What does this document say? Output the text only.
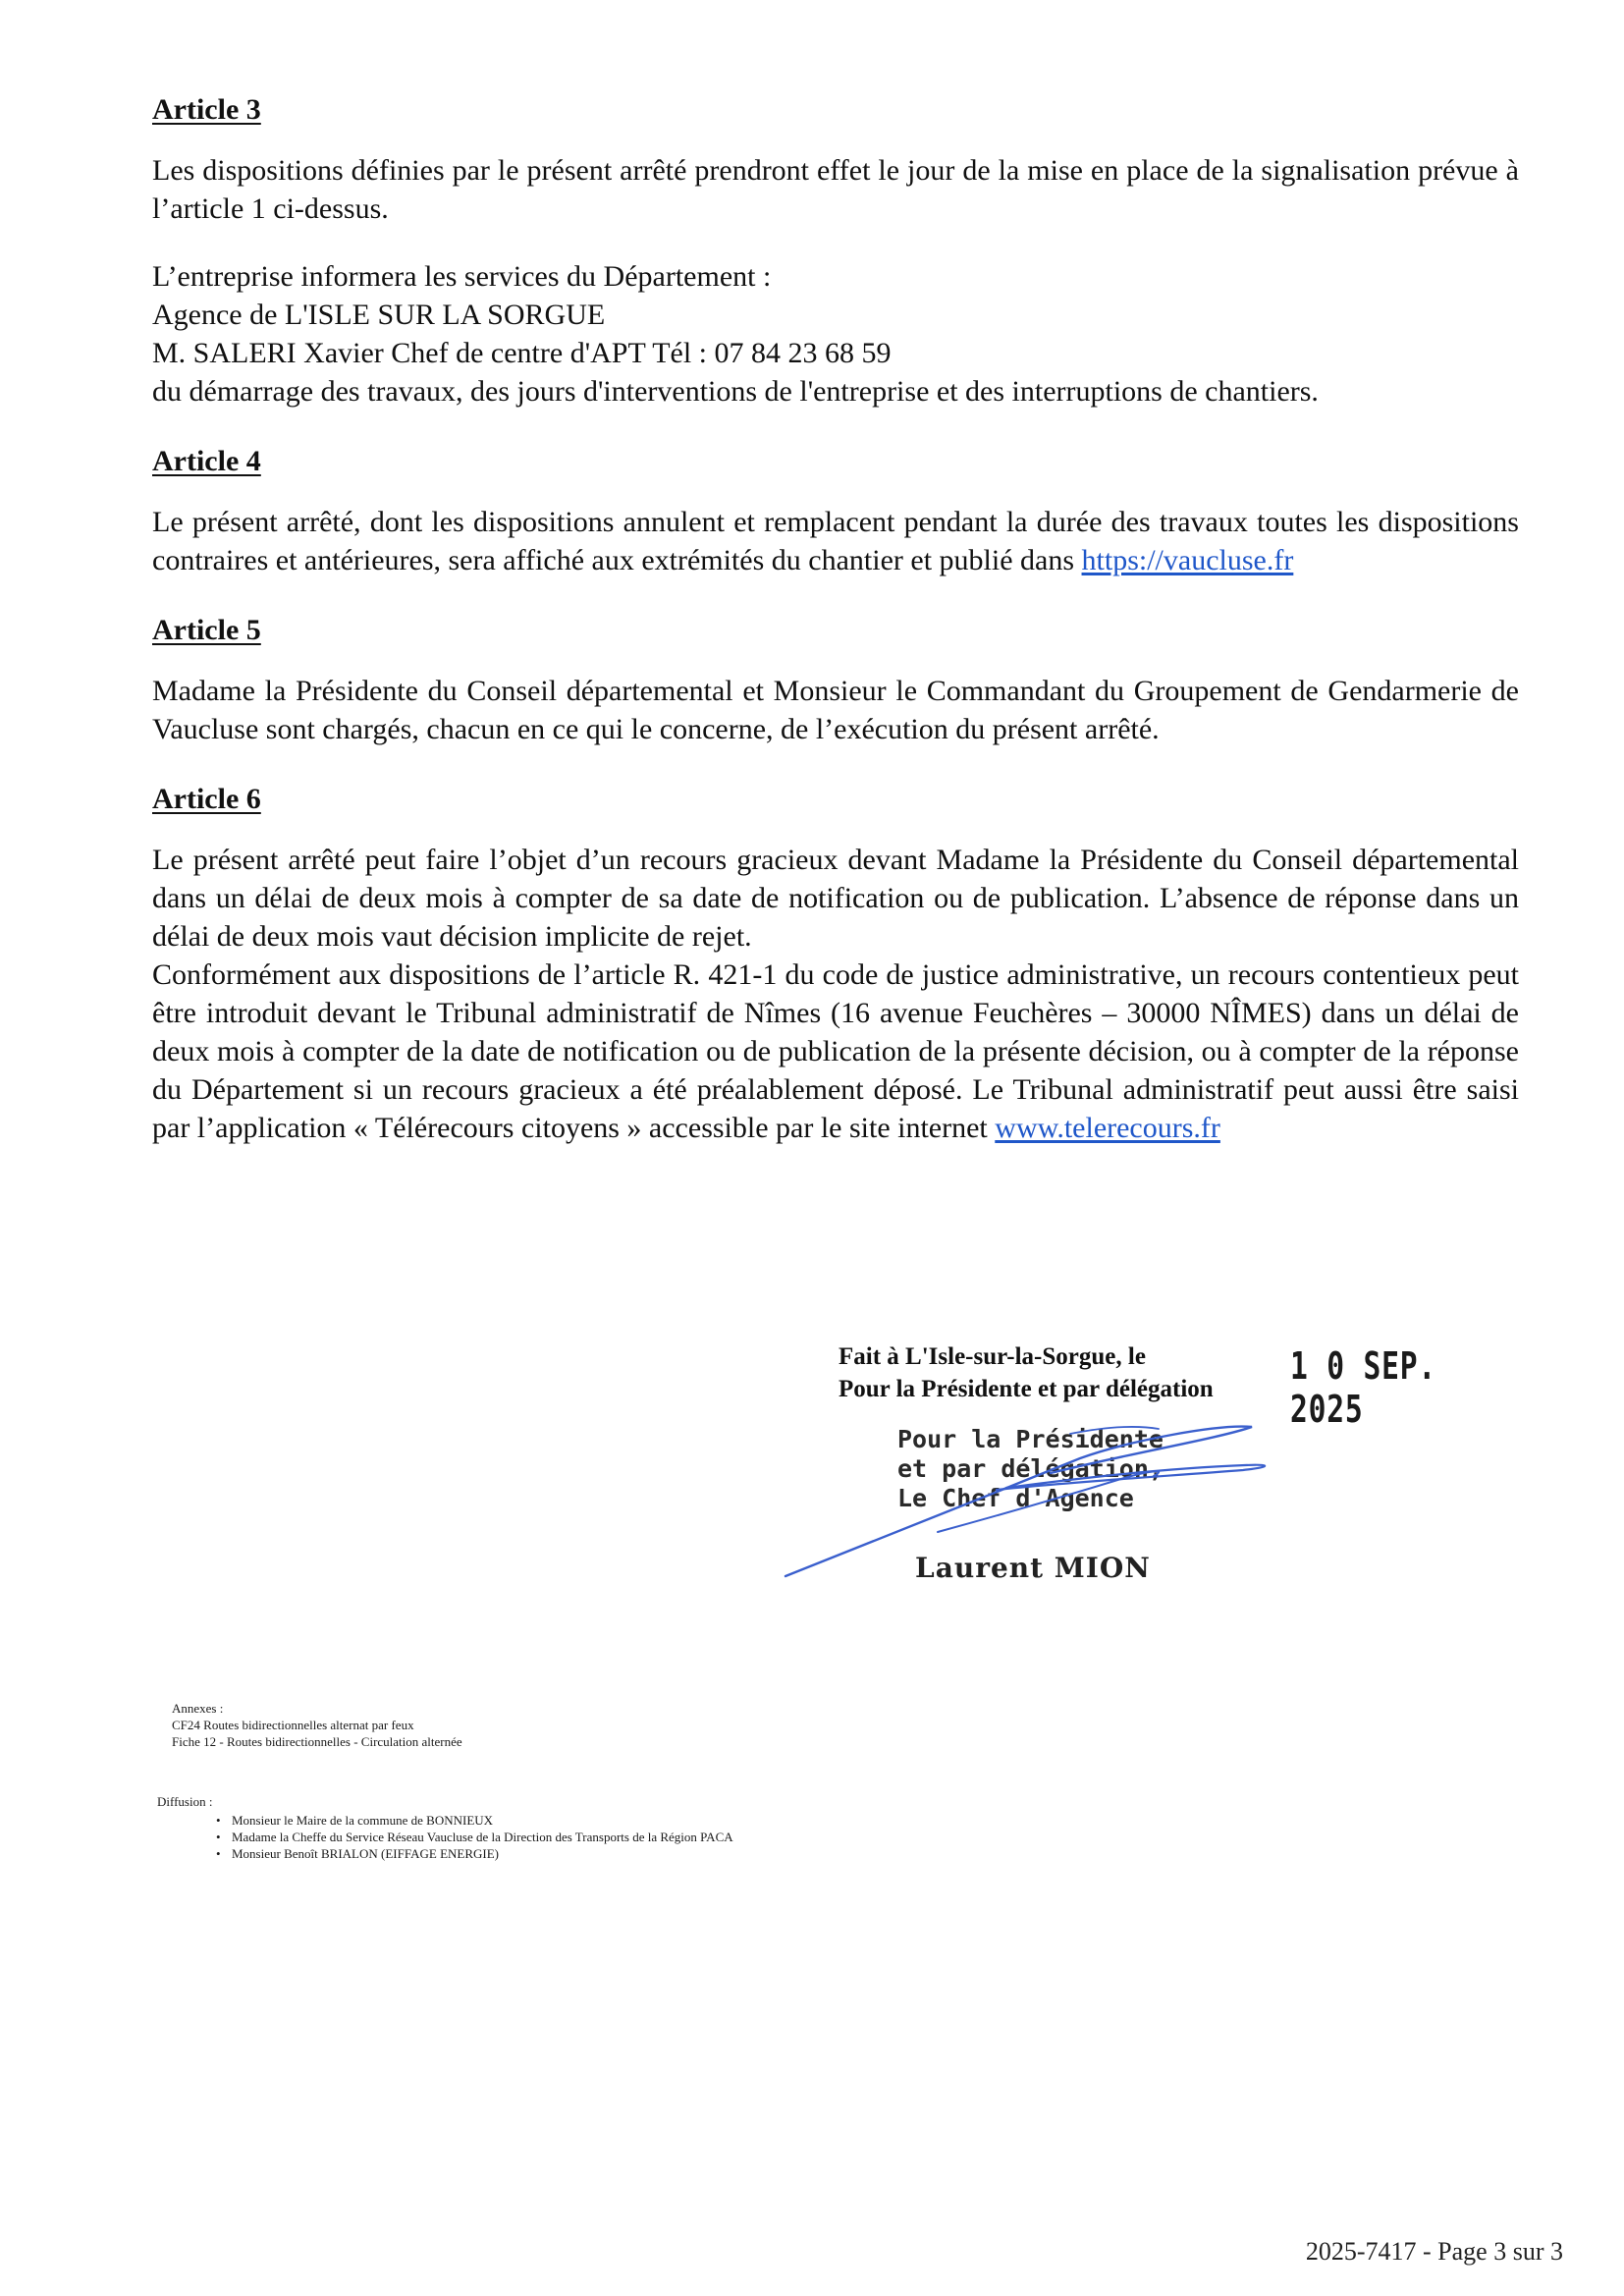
Article 3

Les dispositions définies par le présent arrêté prendront effet le jour de la mise en place de la signalisation prévue à l’article 1 ci-dessus.

L’entreprise informera les services du Département :

Agence de L'ISLE SUR LA SORGUE

M. SALERI Xavier Chef de centre d'APT Tél : 07 84 23 68 59

du démarrage des travaux, des jours d'interventions de l'entreprise et des interruptions de chantiers.

Article 4

Le présent arrêté, dont les dispositions annulent et remplacent pendant la durée des travaux toutes les dispositions contraires et antérieures, sera affiché aux extrémités du chantier et publié dans https://vaucluse.fr

Article 5

Madame la Présidente du Conseil départemental et Monsieur le Commandant du Groupement de Gendarmerie de Vaucluse sont chargés, chacun en ce qui le concerne, de l’exécution du présent arrêté.

Article 6

Le présent arrêté peut faire l’objet d’un recours gracieux devant Madame la Présidente du Conseil départemental dans un délai de deux mois à compter de sa date de notification ou de publication. L’absence de réponse dans un délai de deux mois vaut décision implicite de rejet.

Conformément aux dispositions de l’article R. 421-1 du code de justice administrative, un recours contentieux peut être introduit devant le Tribunal administratif de Nîmes (16 avenue Feuchères – 30000 NÎMES) dans un délai de deux mois à compter de la date de notification ou de publication de la présente décision, ou à compter de la réponse du Département si un recours gracieux a été préalablement déposé. Le Tribunal administratif peut aussi être saisi par l’application « Télérecours citoyens » accessible par le site internet www.telerecours.fr

Fait à L'Isle-sur-la-Sorgue, le
Pour la Présidente et par délégation
1 0 SEP. 2025
Pour la Présidente
et par délégation,
Le Chef d'Agence
Laurent MION
Annexes :
CF24 Routes bidirectionnelles alternat par feux
Fiche 12 - Routes bidirectionnelles - Circulation alternée
Diffusion :
• Monsieur le Maire de la commune de BONNIEUX
• Madame la Cheffe du Service Réseau Vaucluse de la Direction des Transports de la Région PACA
• Monsieur Benoît BRIALON (EIFFAGE ENERGIE)
2025-7417 - Page 3 sur 3
